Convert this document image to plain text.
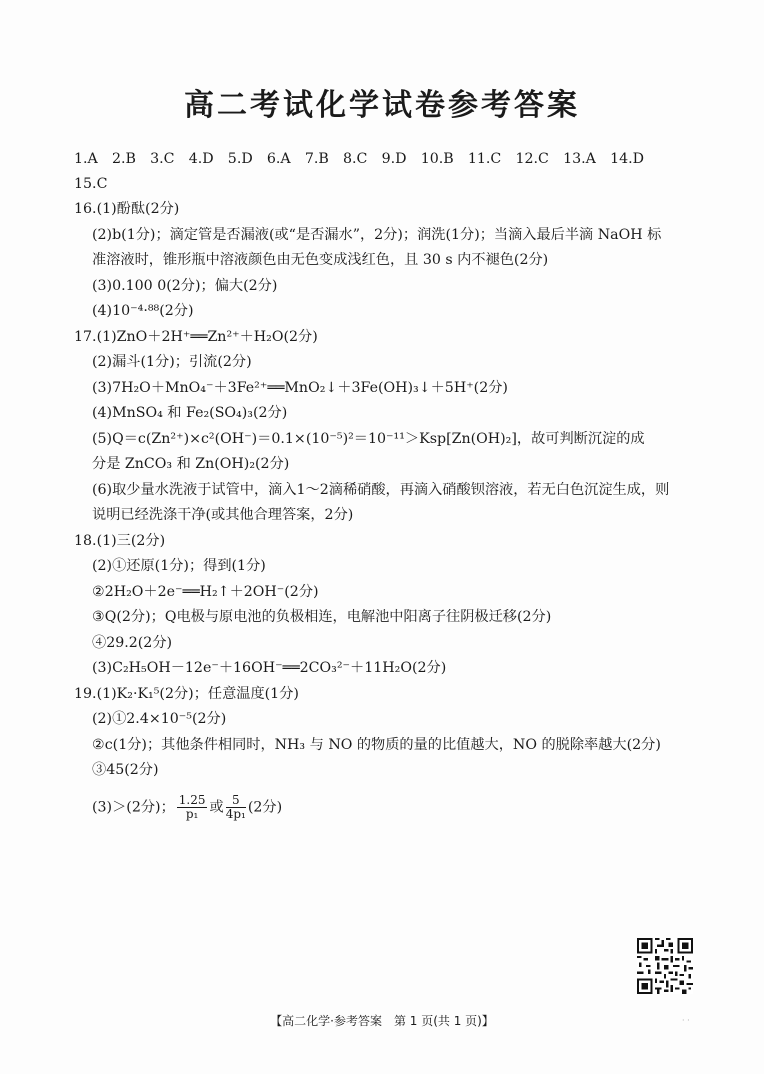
高二考试化学试卷参考答案
1.A　2.B　3.C　4.D　5.D　6.A　7.B　8.C　9.D　10.B　11.C　12.C　13.A　14.D
15.C
16.(1)酚酞(2分)
(2)b(1分)；滴定管是否漏液(或“是否漏水”，2分)；润洗(1分)；当滴入最后半滴 NaOH 标
准溶液时，锥形瓶中溶液颜色由无色变成浅红色，且 30 s 内不褪色(2分)
(3)0.100 0(2分)；偏大(2分)
(4)10⁻⁴·⁸⁸(2分)
17.(1)ZnO＋2H⁺══Zn²⁺＋H₂O(2分)
(2)漏斗(1分)；引流(2分)
(3)7H₂O＋MnO₄⁻＋3Fe²⁺══MnO₂↓＋3Fe(OH)₃↓＋5H⁺(2分)
(4)MnSO₄ 和 Fe₂(SO₄)₃(2分)
(5)Q＝c(Zn²⁺)×c²(OH⁻)＝0.1×(10⁻⁵)²＝10⁻¹¹＞Ksp[Zn(OH)₂]，故可判断沉淀的成
分是 ZnCO₃ 和 Zn(OH)₂(2分)
(6)取少量水洗液于试管中，滴入1～2滴稀硝酸，再滴入硝酸钡溶液，若无白色沉淀生成，则
说明已经洗涤干净(或其他合理答案，2分)
18.(1)三(2分)
(2)①还原(1分)；得到(1分)
②2H₂O＋2e⁻══H₂↑＋2OH⁻(2分)
③Q(2分)；Q电极与原电池的负极相连，电解池中阳离子往阴极迁移(2分)
④29.2(2分)
(3)C₂H₅OH－12e⁻＋16OH⁻══2CO₃²⁻＋11H₂O(2分)
19.(1)K₂·K₁⁵(2分)；任意温度(1分)
(2)①2.4×10⁻⁵(2分)
②c(1分)；其他条件相同时，NH₃ 与 NO 的物质的量的比值越大，NO 的脱除率越大(2分)
③45(2分)
(3)＞(2分)； $\frac{1.25}{\text{p₁}}$ 或 $\frac{5}{\text{4p₁}} (2$分)
【高二化学·参考答案　第 1 页(共 1 页)】	· ·
